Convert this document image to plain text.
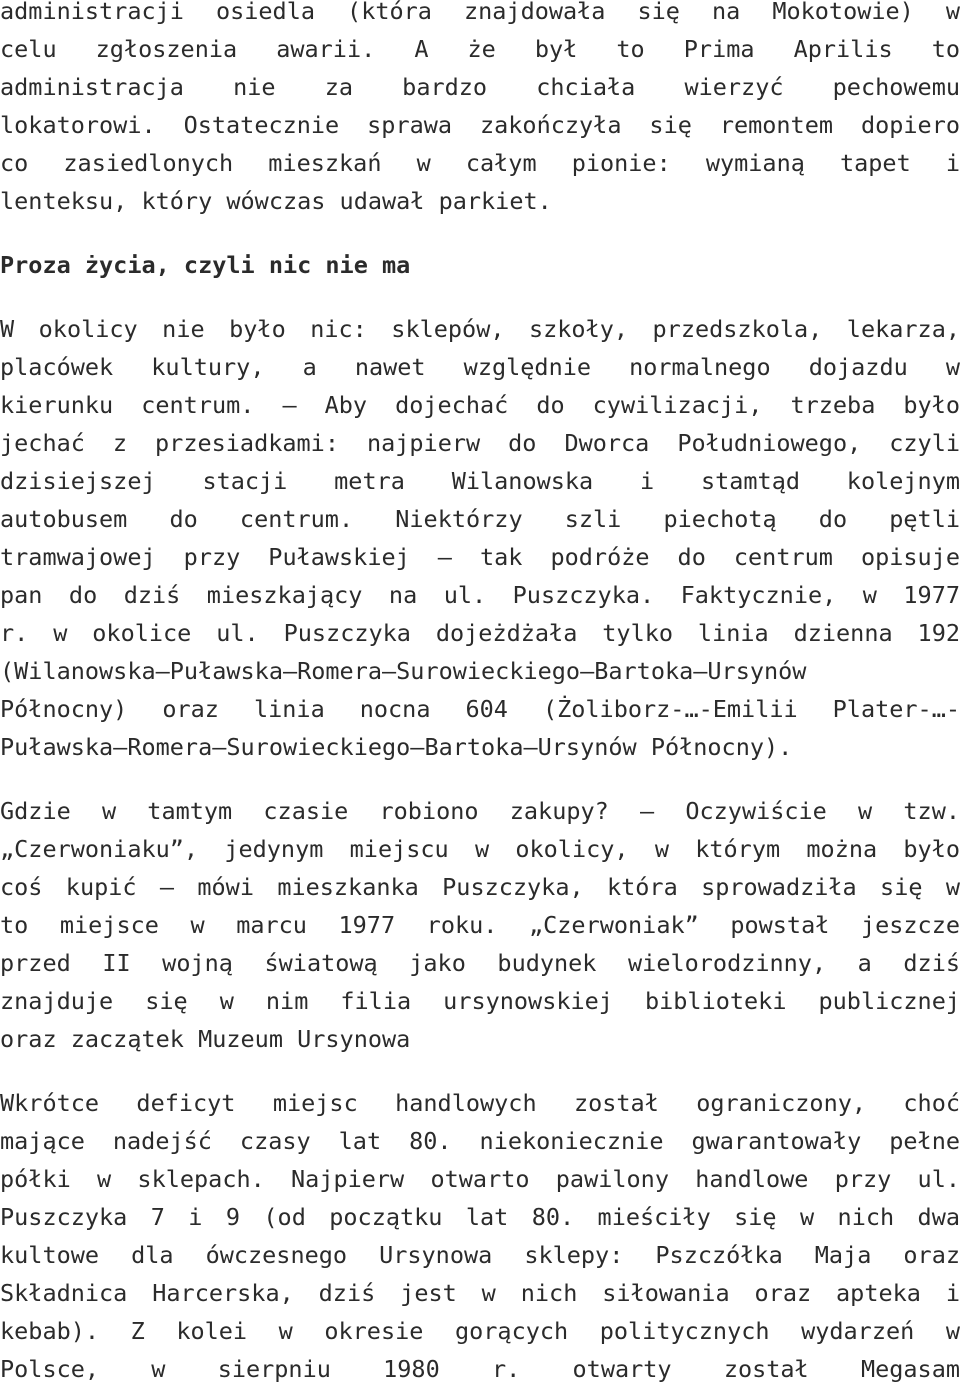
administracji osiedla (która znajdowała się na Mokotowie) w
celu zgłoszenia awarii. A że był to Prima Aprilis to
administracja nie za bardzo chciała wierzyć pechowemu
lokatorowi. Ostatecznie sprawa zakończyła się remontem dopiero
co zasiedlonych mieszkań w całym pionie: wymianą tapet i
lenteksu, który wówczas udawał parkiet.
Proza życia, czyli nic nie ma
W okolicy nie było nic: sklepów, szkoły, przedszkola, lekarza,
placówek kultury, a nawet względnie normalnego dojazdu w
kierunku centrum. — Aby dojechać do cywilizacji, trzeba było
jechać z przesiadkami: najpierw do Dworca Południowego, czyli
dzisiejszej stacji metra Wilanowska i stamtąd kolejnym
autobusem do centrum. Niektórzy szli piechotą do pętli
tramwajowej przy Puławskiej — tak podróże do centrum opisuje
pan do dziś mieszkający na ul. Puszczyka. Faktycznie, w 1977
r. w okolice ul. Puszczyka dojeżdżała tylko linia dzienna 192
(Wilanowska—Puławska—Romera—Surowieckiego—Bartoka—Ursynów
Północny) oraz linia nocna 604 (Żoliborz-…-Emilii Plater-…-
Puławska—Romera—Surowieckiego—Bartoka—Ursynów Północny).
Gdzie w tamtym czasie robiono zakupy? — Oczywiście w tzw.
„Czerwoniaku”, jedynym miejscu w okolicy, w którym można było
coś kupić — mówi mieszkanka Puszczyka, która sprowadziła się w
to miejsce w marcu 1977 roku. „Czerwoniak” powstał jeszcze
przed II wojną światową jako budynek wielorodzinny, a dziś
znajduje się w nim filia ursynowskiej biblioteki publicznej
oraz zaczątek Muzeum Ursynowa
Wkrótce deficyt miejsc handlowych został ograniczony, choć
mające nadejść czasy lat 80. niekoniecznie gwarantowały pełne
półki w sklepach. Najpierw otwarto pawilony handlowe przy ul.
Puszczyka 7 i 9 (od początku lat 80. mieściły się w nich dwa
kultowe dla ówczesnego Ursynowa sklepy: Pszczółka Maja oraz
Składnica Harcerska, dziś jest w nich siłowania oraz apteka i
kebab). Z kolei w okresie gorących politycznych wydarzeń w
Polsce, w sierpniu 1980 r. otwarty został Megasam
